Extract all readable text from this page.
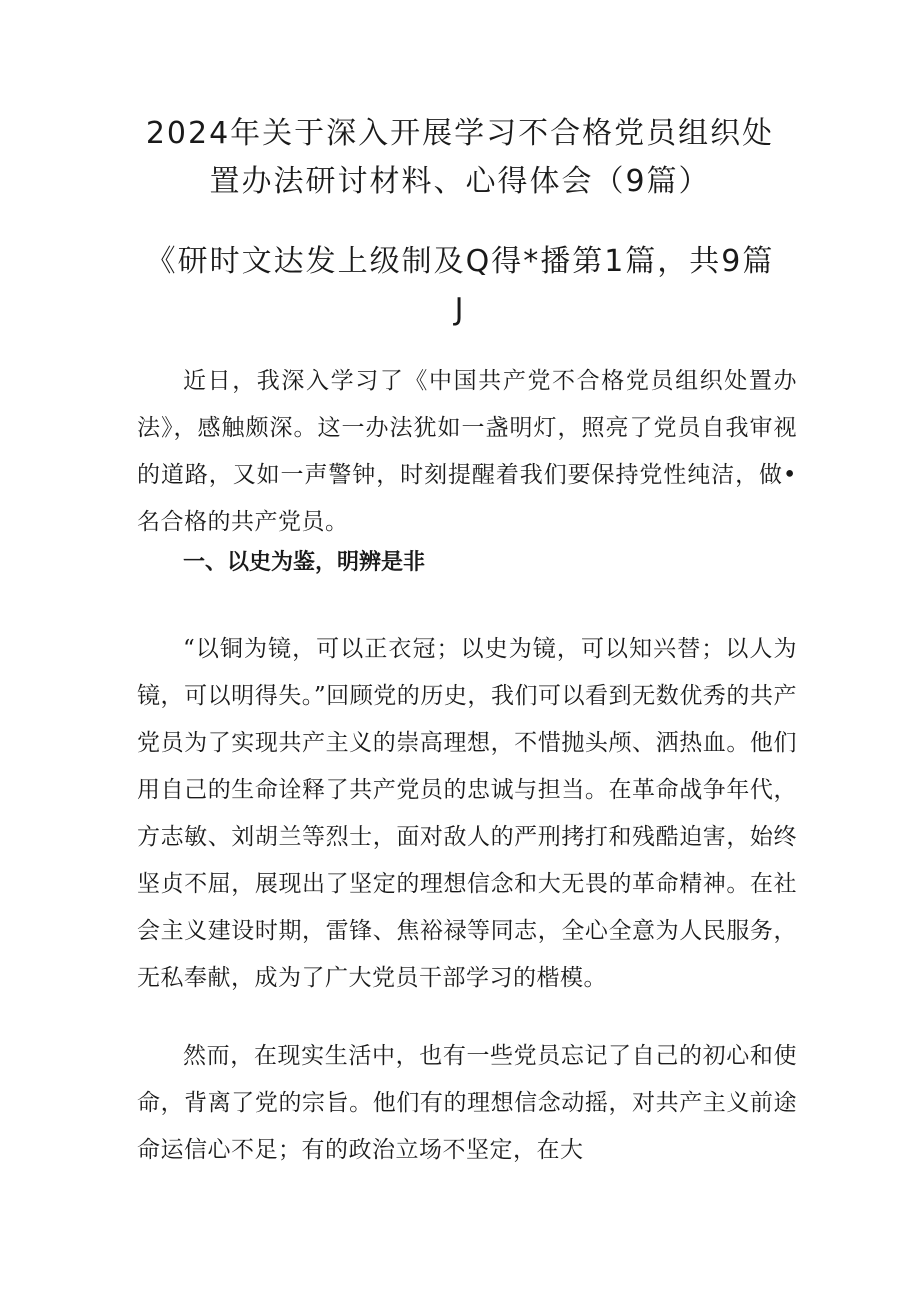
2024年关于深入开展学习不合格党员组织处
置办法研讨材料、心得体会（9篇）
《研时文达发上级制及Q得*播第1篇，共9篇
J

近日，我深入学习了《中国共产党不合格党员组织处置办法》，感触颇深。这一办法犹如一盏明灯，照亮了党员自我审视的道路，又如一声警钟，时刻提醒着我们要保持党性纯洁，做•名合格的共产党员。

一、以史为鉴，明辨是非

“以铜为镜，可以正衣冠；以史为镜，可以知兴替；以人为镜，可以明得失。”回顾党的历史，我们可以看到无数优秀的共产党员为了实现共产主义的崇高理想，不惜抛头颅、洒热血。他们用自己的生命诠释了共产党员的忠诚与担当。在革命战争年代，方志敏、刘胡兰等烈士，面对敌人的严刑拷打和残酷迫害，始终坚贞不屈，展现出了坚定的理想信念和大无畏的革命精神。在社会主义建设时期，雷锋、焦裕禄等同志，全心全意为人民服务，无私奉献，成为了广大党员干部学习的楷模。

然而，在现实生活中，也有一些党员忘记了自己的初心和使命，背离了党的宗旨。他们有的理想信念动摇，对共产主义前途命运信心不足；有的政治立场不坚定，在大
